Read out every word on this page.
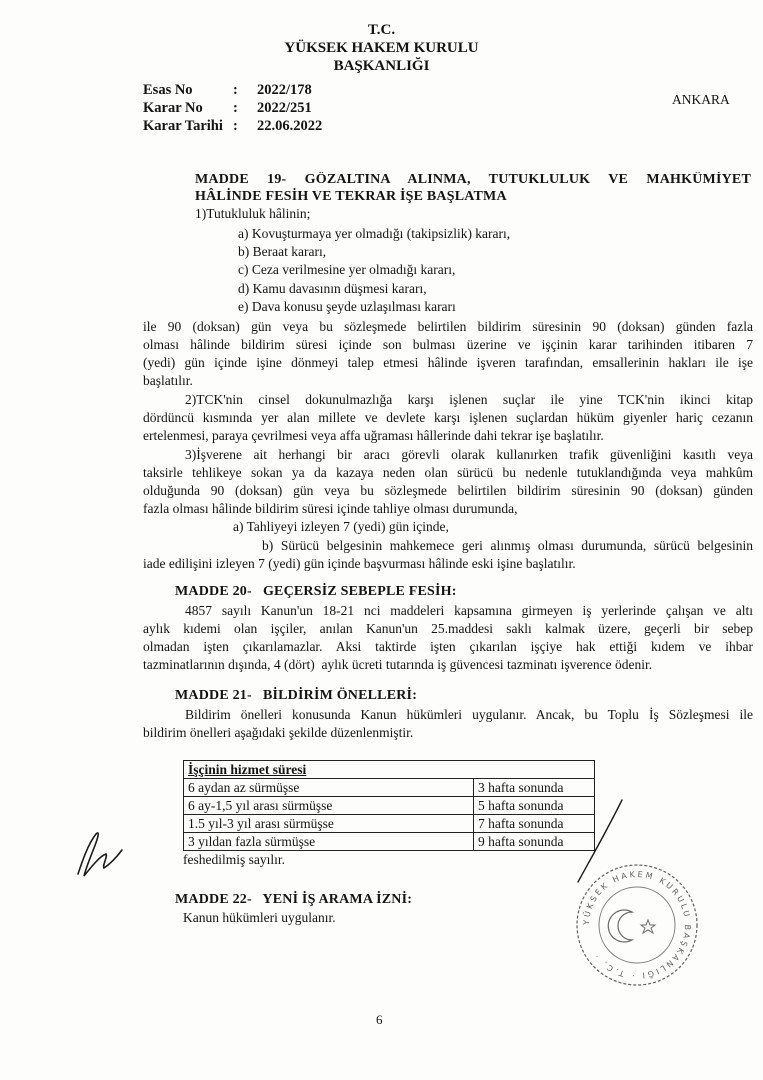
T.C.
YÜKSEK HAKEM KURULU
BAŞKANLIĞI
Esas No	: 2022/178
Karar No : 2022/251
Karar Tarihi : 22.06.2022
ANKARA
MADDE 19- GÖZALTINA ALINMA, TUTUKLULUK VE MAHKÛMİYET
HÂLİNDE FESİH VE TEKRAR İŞE BAŞLATMA
1)Tutukluluk hâlinin;
a) Kovuşturmaya yer olmadığı (takipsizlik) kararı,
b) Beraat kararı,
c) Ceza verilmesine yer olmadığı kararı,
d) Kamu davasının düşmesi kararı,
e) Dava konusu şeyde uzlaşılması kararı
ile 90 (doksan) gün veya bu sözleşmede belirtilen bildirim süresinin 90 (doksan) günden fazla
olması hâlinde bildirim süresi içinde son bulması üzerine ve işçinin karar tarihinden itibaren 7
(yedi) gün içinde işine dönmeyi talep etmesi hâlinde işveren tarafından, emsallerinin hakları ile işe
başlatılır.
2)TCK'nin cinsel dokunulmazlığa karşı işlenen suçlar ile yine TCK'nin ikinci kitap
dördüncü kısmında yer alan millete ve devlete karşı işlenen suçlardan hüküm giyenler hariç cezanın
ertelenmesi, paraya çevrilmesi veya affa uğraması hâllerinde dahi tekrar işe başlatılır.
3)İşverene ait herhangi bir aracı görevli olarak kullanırken trafik güvenliğini kasıtlı veya
taksirle tehlikeye sokan ya da kazaya neden olan sürücü bu nedenle tutuklandığında veya mahkûm
olduğunda 90 (doksan) gün veya bu sözleşmede belirtilen bildirim süresinin 90 (doksan) günden
fazla olması hâlinde bildirim süresi içinde tahliye olması durumunda,
a) Tahliyeyi izleyen 7 (yedi) gün içinde,
b) Sürücü belgesinin mahkemece geri alınmış olması durumunda, sürücü belgesinin
iade edilişini izleyen 7 (yedi) gün içinde başvurması hâlinde eski işine başlatılır.
MADDE 20-   GEÇERSİZ SEBEPLE FESİH:
4857 sayılı Kanun'un 18-21 nci maddeleri kapsamına girmeyen iş yerlerinde çalışan ve altı
aylık kıdemi olan işçiler, anılan Kanun'un 25.maddesi saklı kalmak üzere, geçerli bir sebep
olmadan işten çıkarılamazlar. Aksi taktirde işten çıkarılan işçiye hak ettiği kıdem ve ihbar
tazminatlarının dışında, 4 (dört)  aylık ücreti tutarında iş güvencesi tazminatı işverence ödenir.
MADDE 21-   BİLDİRİM ÖNELLERİ:
Bildirim önelleri konusunda Kanun hükümleri uygulanır. Ancak, bu Toplu İş Sözleşmesi ile
bildirim önelleri aşağıdaki şekilde düzenlenmiştir.
İşçinin hizmet süresi	
6 aydan az sürmüşse	3 hafta sonunda
6 ay-1,5 yıl arası sürmüşse	5 hafta sonunda
1.5 yıl-3 yıl arası sürmüşse	7 hafta sonunda
3 yıldan fazla sürmüşse	9 hafta sonunda
feshedilmiş sayılır.
MADDE 22-   YENİ İŞ ARAMA İZNİ:
Kanun hükümleri uygulanır.	YÜKSEK HAKEM KURULU BAŞKANLIĞI · T.C. ·
6
